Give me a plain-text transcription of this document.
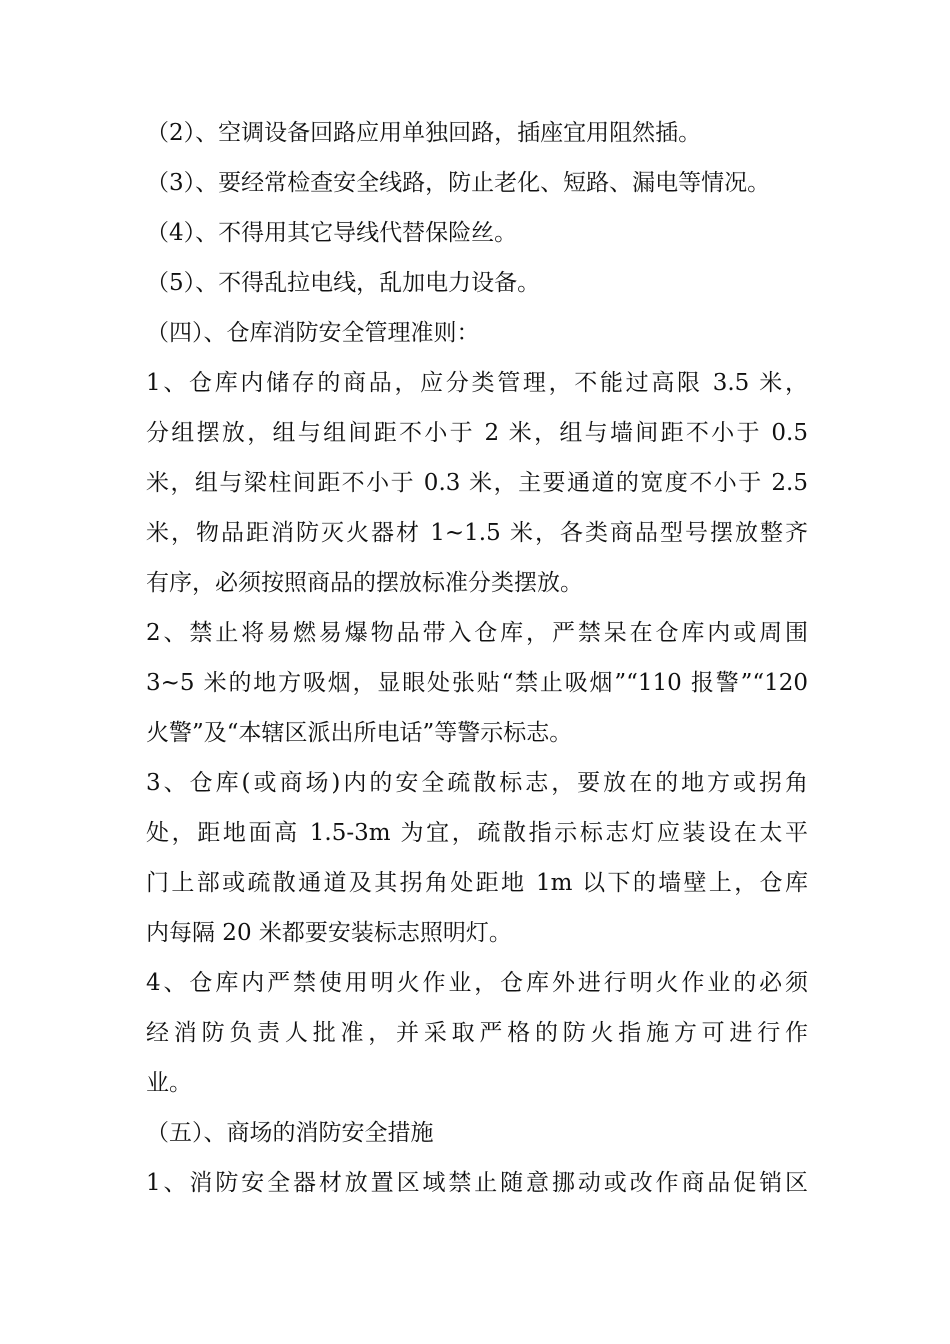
（2）、空调设备回路应用单独回路，插座宜用阻然插。
（3）、要经常检查安全线路，防止老化、短路、漏电等情况。
（4）、不得用其它导线代替保险丝。
（5）、不得乱拉电线，乱加电力设备。
（四）、仓库消防安全管理准则：
1、仓库内储存的商品，应分类管理，不能过高限 3.5 米，
分组摆放，组与组间距不小于 2 米，组与墙间距不小于 0.5
米，组与梁柱间距不小于 0.3 米，主要通道的宽度不小于 2.5
米，物品距消防灭火器材 1~1.5 米，各类商品型号摆放整齐
有序，必须按照商品的摆放标准分类摆放。
2、禁止将易燃易爆物品带入仓库，严禁呆在仓库内或周围
3~5 米的地方吸烟，显眼处张贴“禁止吸烟”“110 报警”“120
火警”及“本辖区派出所电话”等警示标志。
3、仓库(或商场)内的安全疏散标志，要放在的地方或拐角
处，距地面高 1.5-3m 为宜，疏散指示标志灯应装设在太平
门上部或疏散通道及其拐角处距地 1m 以下的墙壁上，仓库
内每隔 20 米都要安装标志照明灯。
4、仓库内严禁使用明火作业，仓库外进行明火作业的必须
经消防负责人批准，并采取严格的防火指施方可进行作
业。
（五）、商场的消防安全措施
1、消防安全器材放置区域禁止随意挪动或改作商品促销区
